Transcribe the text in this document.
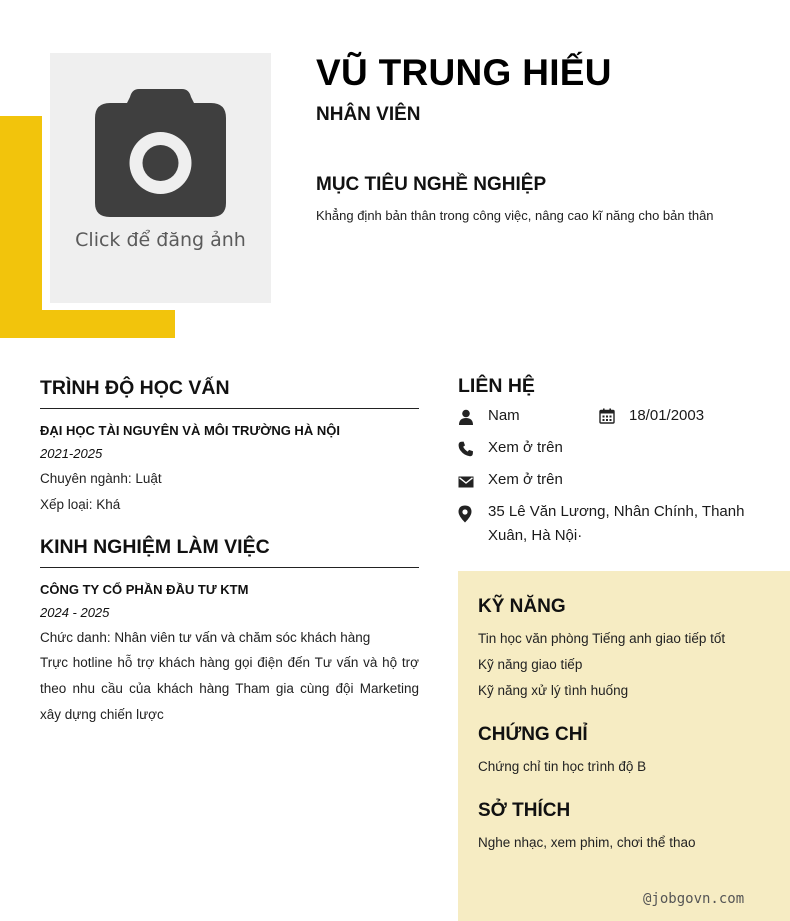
Click để đăng ảnh
VŨ TRUNG HIẾU
NHÂN VIÊN
MỤC TIÊU NGHỀ NGHIỆP
Khẳng định bản thân trong công việc, nâng cao kĩ năng cho bản thân
TRÌNH ĐỘ HỌC VẤN
ĐẠI HỌC TÀI NGUYÊN VÀ MÔI TRƯỜNG HÀ NỘI
2021-2025
Chuyên ngành: Luật
Xếp loại: Khá
KINH NGHIỆM LÀM VIỆC
CÔNG TY CỔ PHẦN ĐẦU TƯ KTM
2024 - 2025
Chức danh: Nhân viên tư vấn và chăm sóc khách hàng
Trực hotline hỗ trợ khách hàng gọi điện đến Tư vấn và hộ trợ theo nhu cầu của khách hàng Tham gia cùng đội Marketing xây dựng chiến lược
LIÊN HỆ
Nam	18/01/2003
Xem ở trên
Xem ở trên
35 Lê Văn Lương, Nhân Chính, Thanh Xuân, Hà Nội·
KỸ NĂNG
Tin học văn phòng Tiếng anh giao tiếp tốt
Kỹ năng giao tiếp
Kỹ năng xử lý tình huống
CHỨNG CHỈ
Chứng chỉ tin học trình độ B
SỞ THÍCH
Nghe nhạc, xem phim, chơi thể thao
@jobgovn.com
